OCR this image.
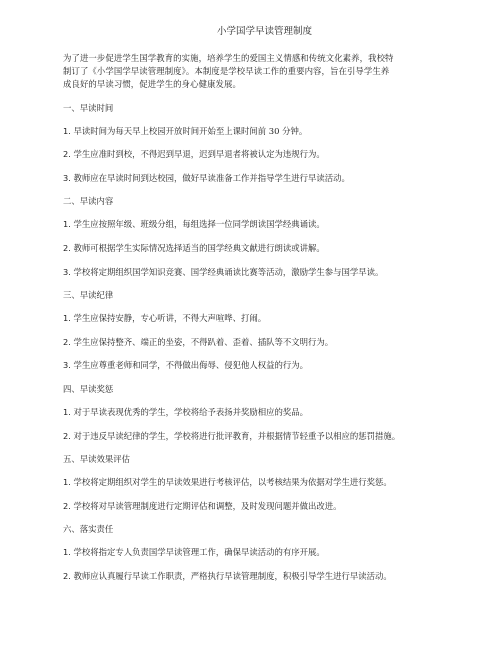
小学国学早读管理制度

为了进一步促进学生国学教育的实施，培养学生的爱国主义情感和传统文化素养，我校特
制订了《小学国学早读管理制度》。本制度是学校早读工作的重要内容，旨在引导学生养
成良好的早读习惯，促进学生的身心健康发展。

一、早读时间
1. 早读时间为每天早上校园开放时间开始至上课时间前 30 分钟。
2. 学生应准时到校，不得迟到早退，迟到早退者将被认定为违规行为。
3. 教师应在早读时间到达校园，做好早读准备工作并指导学生进行早读活动。
二、早读内容
1. 学生应按照年级、班级分组，每组选择一位同学朗读国学经典诵读。
2. 教师可根据学生实际情况选择适当的国学经典文献进行朗读或讲解。
3. 学校将定期组织国学知识竞赛、国学经典诵读比赛等活动，激励学生参与国学早读。
三、早读纪律
1. 学生应保持安静，专心听讲，不得大声喧哗、打闹。
2. 学生应保持整齐、端正的坐姿，不得趴着、歪着、插队等不文明行为。
3. 学生应尊重老师和同学，不得做出侮辱、侵犯他人权益的行为。
四、早读奖惩
1. 对于早读表现优秀的学生，学校将给予表扬并奖励相应的奖品。
2. 对于违反早读纪律的学生，学校将进行批评教育，并根据情节轻重予以相应的惩罚措施。
五、早读效果评估
1. 学校将定期组织对学生的早读效果进行考核评估，以考核结果为依据对学生进行奖惩。
2. 学校将对早读管理制度进行定期评估和调整，及时发现问题并做出改进。
六、落实责任
1. 学校将指定专人负责国学早读管理工作，确保早读活动的有序开展。
2. 教师应认真履行早读工作职责，严格执行早读管理制度，积极引导学生进行早读活动。
